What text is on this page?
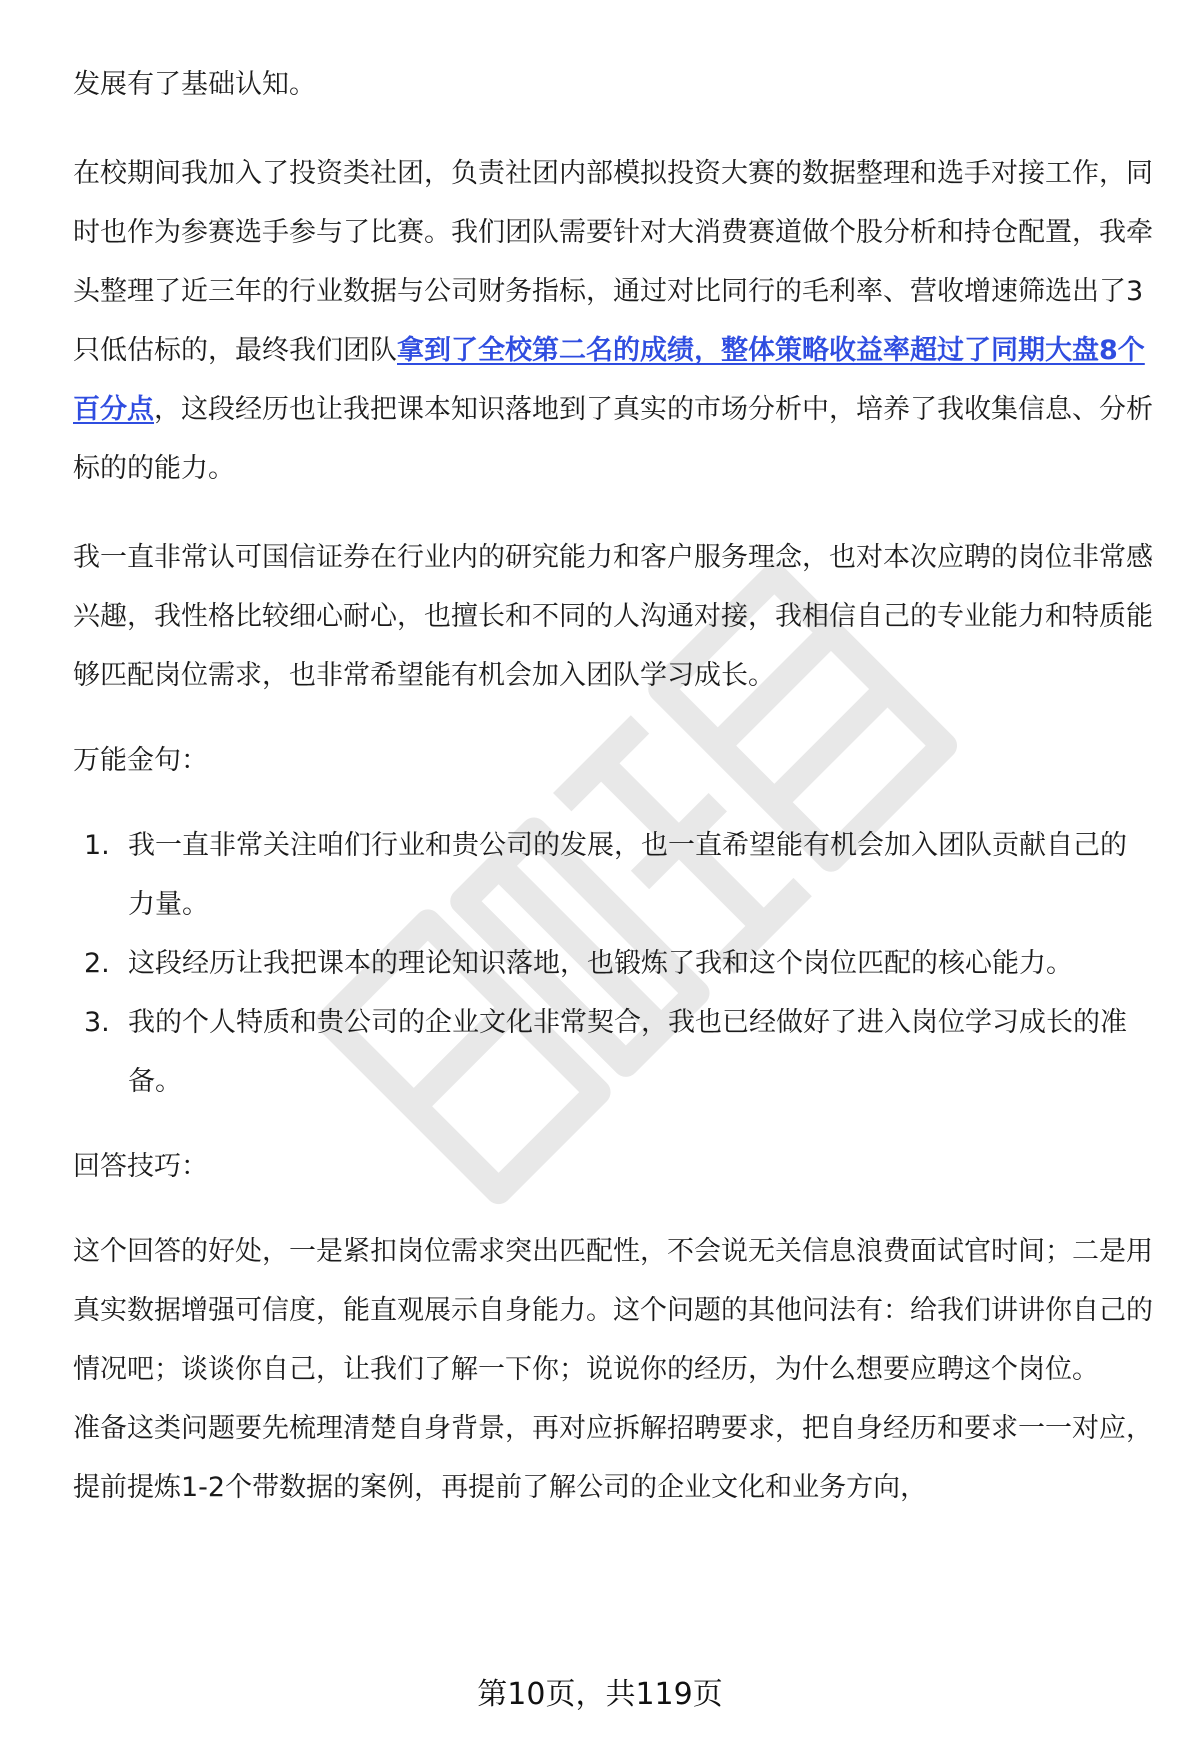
发展有了基础认知。

在校期间我加入了投资类社团，负责社团内部模拟投资大赛的数据整理和选手对接工作，同时也作为参赛选手参与了比赛。我们团队需要针对大消费赛道做个股分析和持仓配置，我牵头整理了近三年的行业数据与公司财务指标，通过对比同行的毛利率、营收增速筛选出了3只低估标的，最终我们团队拿到了全校第二名的成绩，整体策略收益率超过了同期大盘8个百分点，这段经历也让我把课本知识落地到了真实的市场分析中，培养了我收集信息、分析标的的能力。

我一直非常认可国信证券在行业内的研究能力和客户服务理念，也对本次应聘的岗位非常感兴趣，我性格比较细心耐心，也擅长和不同的人沟通对接，我相信自己的专业能力和特质能够匹配岗位需求，也非常希望能有机会加入团队学习成长。

万能金句：

1. 我一直非常关注咱们行业和贵公司的发展，也一直希望能有机会加入团队贡献自己的力量。
2. 这段经历让我把课本的理论知识落地，也锻炼了我和这个岗位匹配的核心能力。
3. 我的个人特质和贵公司的企业文化非常契合，我也已经做好了进入岗位学习成长的准备。

回答技巧：

这个回答的好处，一是紧扣岗位需求突出匹配性，不会说无关信息浪费面试官时间；二是用真实数据增强可信度，能直观展示自身能力。这个问题的其他问法有：给我们讲讲你自己的情况吧；谈谈你自己，让我们了解一下你；说说你的经历，为什么想要应聘这个岗位。

准备这类问题要先梳理清楚自身背景，再对应拆解招聘要求，把自身经历和要求一一对应，提前提炼1-2个带数据的案例，再提前了解公司的企业文化和业务方向，

第10页，共119页
